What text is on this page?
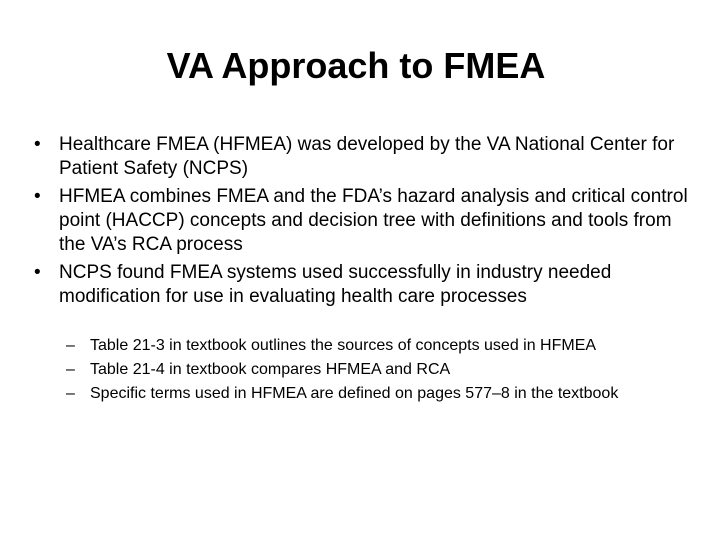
VA Approach to FMEA
• Healthcare FMEA (HFMEA) was developed by the VA National Center for Patient Safety (NCPS)
• HFMEA combines FMEA and the FDA’s hazard analysis and critical control point (HACCP) concepts and decision tree with definitions and tools from the VA’s RCA process
• NCPS found FMEA systems used successfully in industry needed modification for use in evaluating health care processes
– Table 21-3 in textbook outlines the sources of concepts used in HFMEA
– Table 21-4 in textbook compares HFMEA and RCA
– Specific terms used in HFMEA are defined on pages 577–8 in the textbook
